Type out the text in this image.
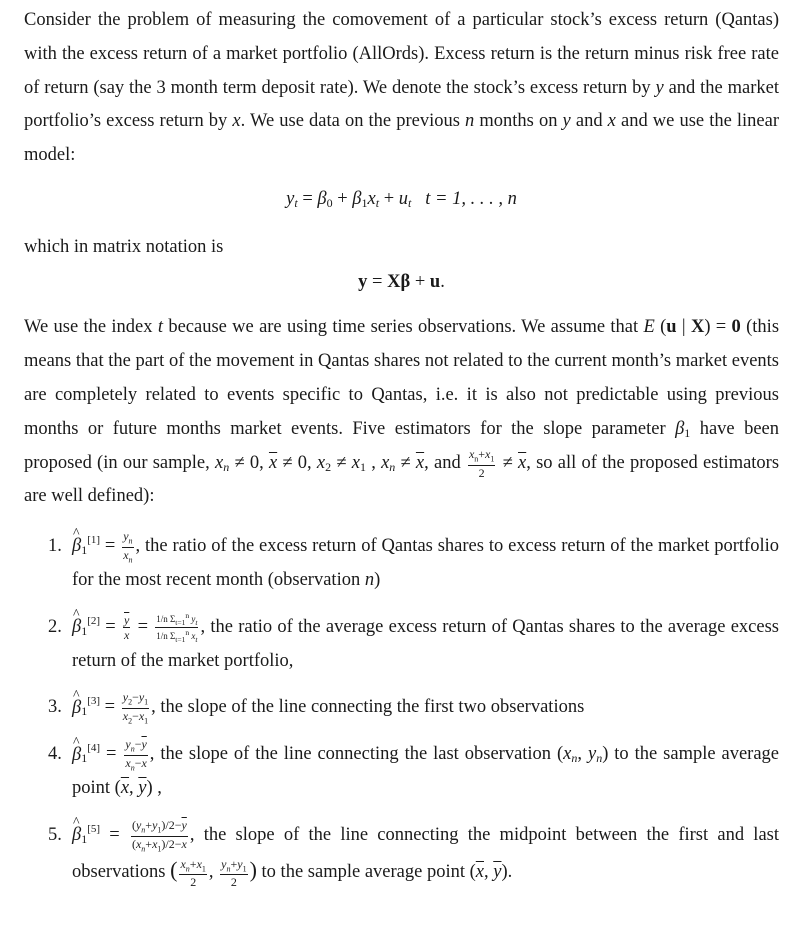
Consider the problem of measuring the comovement of a particular stock’s excess return (Qantas) with the excess return of a market portfolio (AllOrds). Excess return is the return minus risk free rate of return (say the 3 month term deposit rate). We denote the stock’s excess return by y and the market portfolio’s excess return by x. We use data on the previous n months on y and x and we use the linear model:

$y_t = \beta 0 + \beta 1x_t + u_t$ t = 1, . . . , n

which in matrix notation is

y = Xβ + u.

We use the index t because we are using time series observations. We assume that E (u | X) = 0 (this means that the part of the movement in Qantas shares not related to the current month’s market events are completely related to events specific to Qantas, i.e. it is also not predictable using previous months or future months market events. Five estimators for the slope parameter β1 have been proposed (in our sample, $x_n \ne 0$, $\overline{x} \ne 0$, x2 ≠ x1 , $x_n \ne \overline{x}$, and $\frac{x_n+x_1}{2} \ne \overline{x}$, so all of the proposed estimators are well defined):

1. ^ $\beta 1[1] = \frac{y_n}{x_n}$ , the ratio of the excess return of Qantas shares to excess return of the market portfolio for the most recent month (observation n)
2. ^ $\beta 1[2] = \frac{\overline{y}}{x} = \frac{1/n \Sigma_{t=1}^n y_t}{1/n \Sigma_{t=1}^n x_t}$ , the ratio of the average excess return of Qantas shares to the average excess return of the market portfolio,
3. ^ $\beta 1[3] = \frac{y_2-y_1}{x_2-x_1}$ , the slope of the line connecting the first two observations
4. ^ $\beta 1[4] = \frac{y_n-\overline{y}}{x_n-\overline{x}}$ , the slope of the line connecting the last observation ($x_n$, $y_n$) to the sample average point ($\overline{x}$, $\overline{y}$) ,
5. ^ $\beta 1[5] = \frac{(y_n+y_1)/2-\overline{y}}{(x_n+x_1)/2-\overline{x}}$ , the slope of the line connecting the midpoint between the first and last observations ( $\frac{x_n+x_1}{2}$ , $\frac{y_n+y_1}{2}$ ) to the sample average point ($\overline{x}$, $\overline{y}$).
